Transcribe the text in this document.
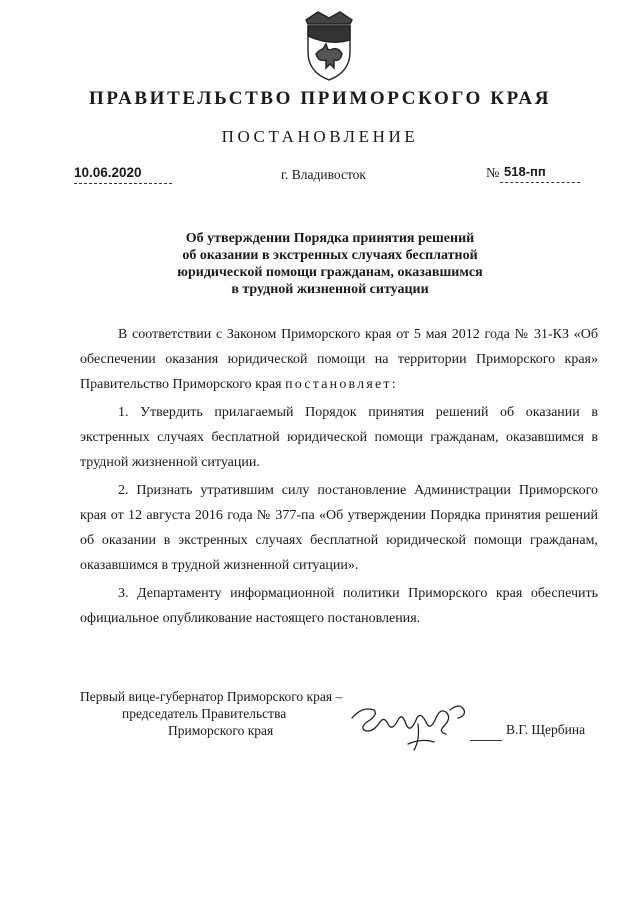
ПРАВИТЕЛЬСТВО ПРИМОРСКОГО КРАЯ
ПОСТАНОВЛЕНИЕ
10.06.2020	г. Владивосток	№ 518-пп
Об утверждении Порядка принятия решений
об оказании в экстренных случаях бесплатной
юридической помощи гражданам, оказавшимся
в трудной жизненной ситуации

В соответствии с Законом Приморского края от 5 мая 2012 года № 31-КЗ «Об обеспечении оказания юридической помощи на территории Приморского края» Правительство Приморского края постановляет:

1. Утвердить прилагаемый Порядок принятия решений об оказании в экстренных случаях бесплатной юридической помощи гражданам, оказавшимся в трудной жизненной ситуации.

2. Признать утратившим силу постановление Администрации Приморского края от 12 августа 2016 года № 377-па «Об утверждении Порядка принятия решений об оказании в экстренных случаях бесплатной юридической помощи гражданам, оказавшимся в трудной жизненной ситуации».

3. Департаменту информационной политики Приморского края обеспечить официальное опубликование настоящего постановления.

Первый вице-губернатор Приморского края –
председатель Правительства
Приморского края	В.Г. Щербина
